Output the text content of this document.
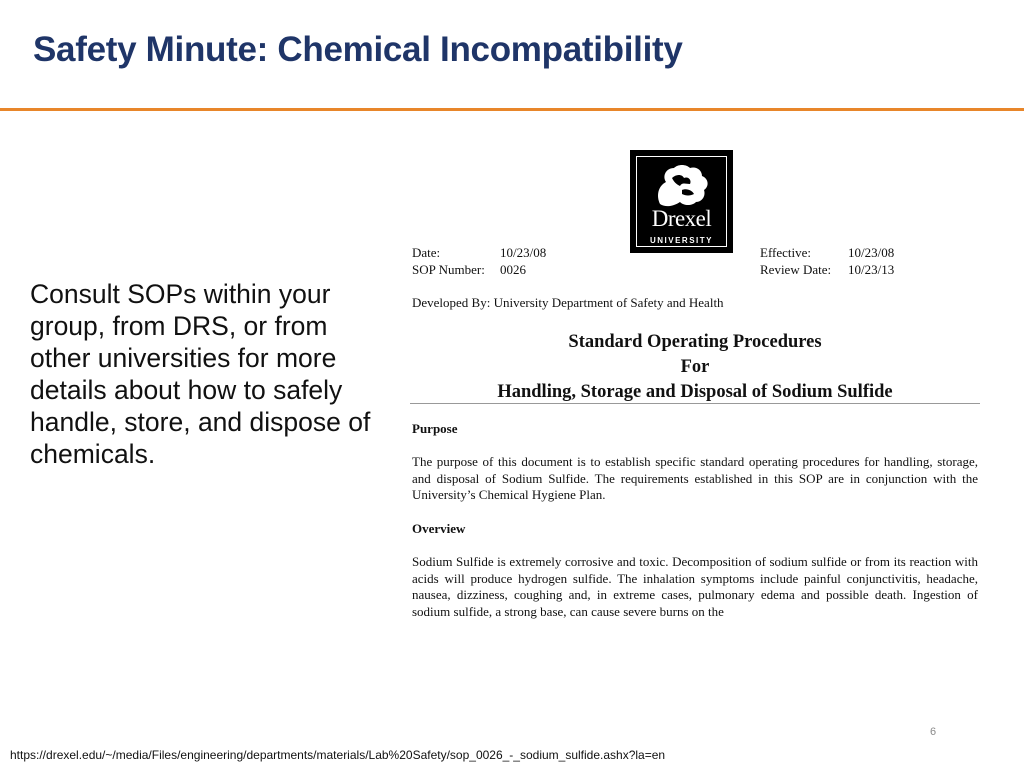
Safety Minute: Chemical Incompatibility
Consult SOPs within your group, from DRS, or from other universities for more details about how to safely handle, store, and dispose of chemicals.
Drexel
UNIVERSITY
Date:	10/23/08
SOP Number: 0026
Effective:	10/23/08
Review Date: 10/23/13
Developed By: University Department of Safety and Health
Standard Operating Procedures
For
Handling, Storage and Disposal of Sodium Sulfide
Purpose
The purpose of this document is to establish specific standard operating procedures for handling, storage, and disposal of Sodium Sulfide. The requirements established in this SOP are in conjunction with the University’s Chemical Hygiene Plan.
Overview
Sodium Sulfide is extremely corrosive and toxic. Decomposition of sodium sulfide or from its reaction with acids will produce hydrogen sulfide. The inhalation symptoms include painful conjunctivitis, headache, nausea, dizziness, coughing and, in extreme cases, pulmonary edema and possible death. Ingestion of sodium sulfide, a strong base, can cause severe burns on the
6
https://drexel.edu/~/media/Files/engineering/departments/materials/Lab%20Safety/sop_0026_-_sodium_sulfide.ashx?la=en
